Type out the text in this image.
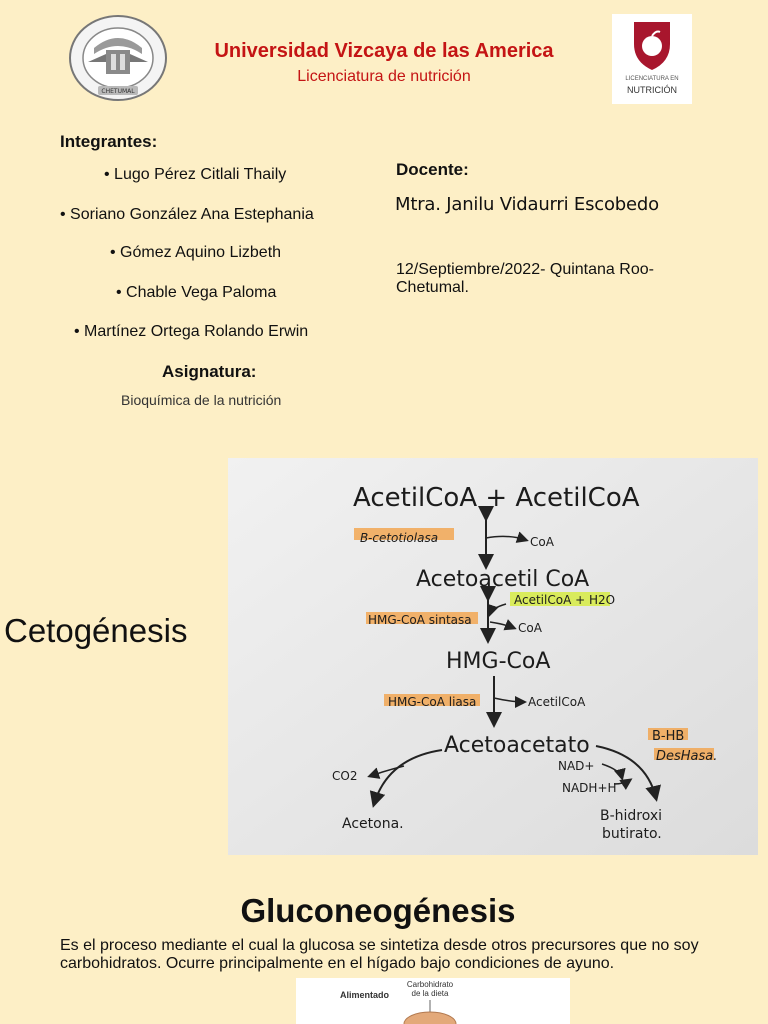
CHETUMAL
Universidad Vizcaya de las America
Licenciatura de nutrición	LICENCIATURA EN
NUTRICIÓN
Integrantes:
• Lugo Pérez Citlali Thaily
• Soriano González Ana Estephania
• Gómez Aquino Lizbeth
• Chable Vega Paloma
• Martínez Ortega Rolando Erwin
Docente:
Mtra. Janilu Vidaurri Escobedo
12/Septiembre/2022- Quintana Roo- Chetumal.
Asignatura:
Bioquímica de la nutrición
Cetogénesis
AcetilCoA + AcetilCoA
B-cetotiolasa	CoA
Acetoacetil CoA
AcetilCoA + H2O
HMG-CoA sintasa
CoA
HMG-CoA
HMG-CoA liasa	AcetilCoA
Acetoacetato	B-HB
DesHasa.
CO2
Acetona.
NAD+
NADH+H
B-hidroxi
butirato.
Gluconeogénesis
Es el proceso mediante el cual la glucosa se sintetiza desde otros precursores que no soy carbohidratos. Ocurre principalmente en el hígado bajo condiciones de ayuno.
Alimentado
Carbohidrato de la dieta
